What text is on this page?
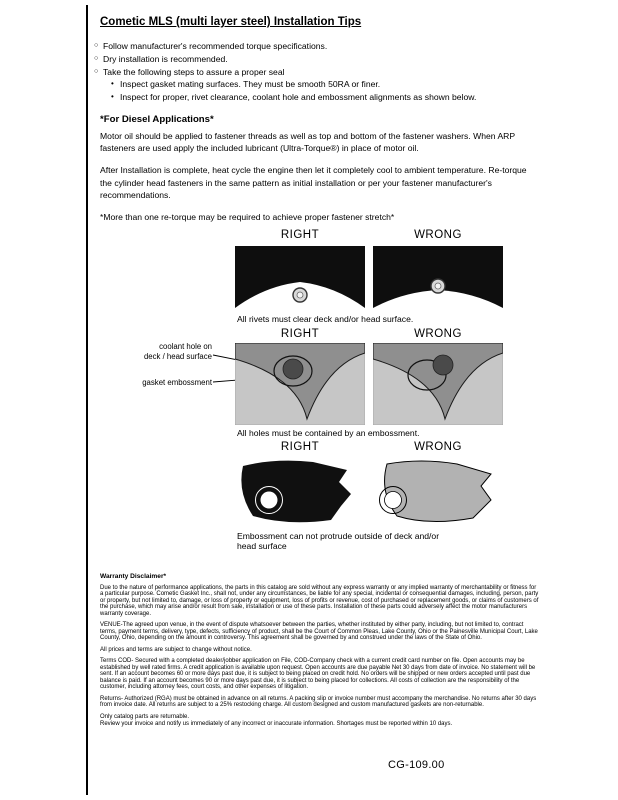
Cometic MLS (multi layer steel) Installation Tips
○ Follow manufacturer's recommended torque specifications.
○ Dry installation is recommended.
○ Take the following steps to assure a proper seal
• Inspect gasket mating surfaces. They must be smooth 50RA or finer.
• Inspect for proper, rivet clearance, coolant hole and embossment alignments as shown below.
*For Diesel Applications*

Motor oil should be applied to fastener threads as well as top and bottom of the fastener washers. When ARP fasteners are used apply the included lubricant (Ultra-Torque®) in place of motor oil.

After Installation is complete, heat cycle the engine then let it completely cool to ambient temperature. Re-torque the cylinder head fasteners in the same pattern as initial installation or per your fastener manufacturer's recommendations.

*More than one re-torque may be required to achieve proper fastener stretch*

RIGHT	WRONG
All rivets must clear deck and/or head surface.
RIGHT	WRONG
coolant hole on
deck / head surface
gasket embossment
All holes must be contained by an embossment.
RIGHT	WRONG
Embossment can not protrude outside of deck and/or head surface

Warranty Disclaimer*

Due to the nature of performance applications, the parts in this catalog are sold without any express warranty or any implied warranty of merchantability or fitness for a particular purpose. Cometic Gasket Inc., shall not, under any circumstances, be liable for any special, incidental or consequential damages, including, person, party or property, but not limited to, damage, or loss of property or equipment, loss of profits or revenue, cost of purchased or replacement goods, or claims of customers of the purchase, which may arise and/or result from sale, installation or use of these parts. Installation of these parts could adversely affect the motor manufacturers warranty coverage.

VENUE-The agreed upon venue, in the event of dispute whatsoever between the parties, whether instituted by either party, including, but not limited to, contract terms, payment terms, delivery, type, defects, sufficiency of product, shall be the Court of Common Pleas, Lake County, Ohio or the Painesville Municipal Court, Lake County, Ohio, depending on the amount in controversy. This agreement shall be governed by and construed under the laws of the State of Ohio.

All prices and terms are subject to change without notice.

Terms COD- Secured with a completed dealer/jobber application on File, COD-Company check with a current credit card number on file. Open accounts may be established by well rated firms. A credit application is available upon request. Open accounts are due payable Net 30 days from date of invoice. No statement will be sent. If an account becomes 60 or more days past due, it is subject to being placed on credit hold. No orders will be shipped or new orders accepted until past due balance is paid. If an account becomes 90 or more days past due, it is subject to being placed for collections. All costs of collection are the responsibility of the customer, including attorney fees, court costs, and other expenses of litigation.

Returns- Authorized (RGA) must be obtained in advance on all returns. A packing slip or invoice number must accompany the merchandise. No returns after 30 days from invoice date. All returns are subject to a 25% restocking charge. All custom designed and custom manufactured gaskets are non-returnable.

Only catalog parts are returnable.

Review your invoice and notify us immediately of any incorrect or inaccurate information. Shortages must be reported within 10 days.

CG-109.00
